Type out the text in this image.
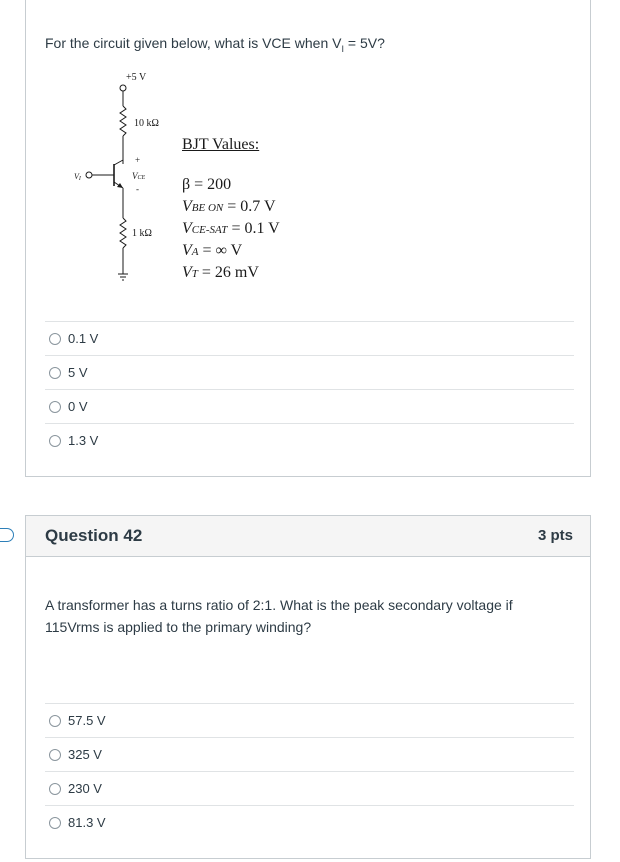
For the circuit given below, what is VCE when $V_I = 5V$?
+5 V
10 kΩ
VI
+
VCE
-
1 kΩ
BJT Values:
β = 200
VBE ON = 0.7 V
VCE-SAT = 0.1 V
VA = ∞ V
VT = 26 mV
0.1 V
5 V
0 V
1.3 V
Question 42	3 pts
A transformer has a turns ratio of 2:1. What is the peak secondary voltage if
115Vrms is applied to the primary winding?
57.5 V
325 V
230 V
81.3 V
